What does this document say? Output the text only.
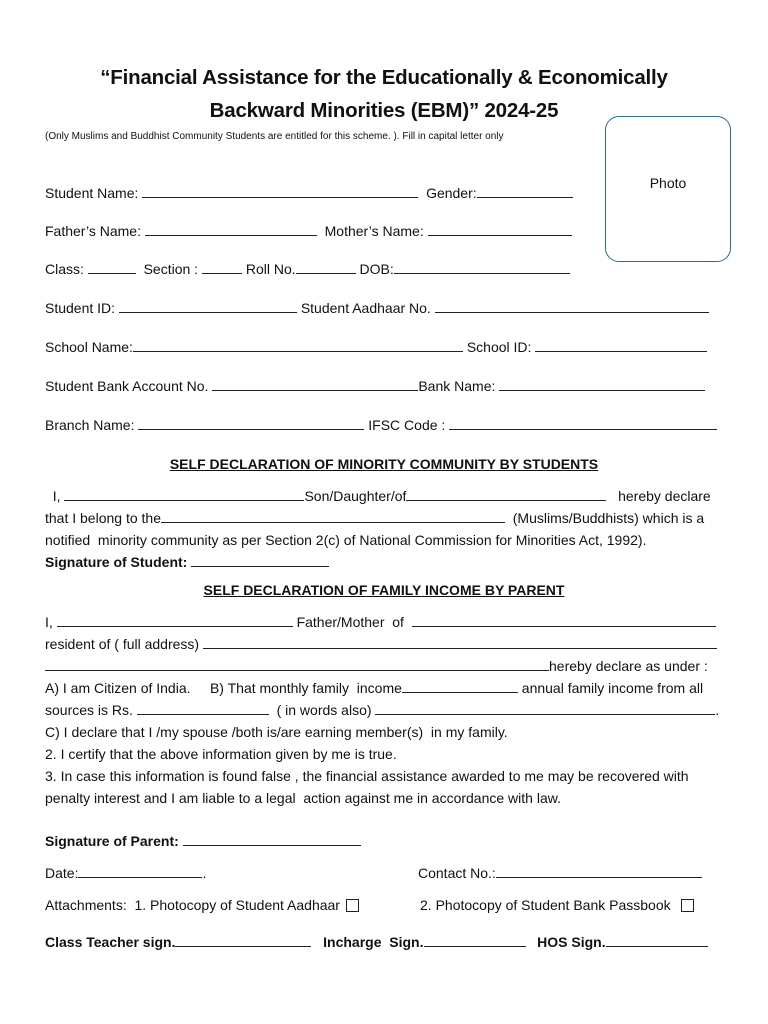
“Financial Assistance for the Educationally & Economically
Backward Minorities (EBM)” 2024-25
(Only Muslims and Buddhist Community Students are entitled for this scheme. ). Fill in capital letter only
Photo
Student Name:	Gender:
Father’s Name:	Mother’s Name:
Class:	Section :	Roll No.	DOB:
Student ID:	Student Aadhaar No.
School Name:	School ID:
Student Bank Account No.	Bank Name:
Branch Name:	IFSC Code :
SELF DECLARATION OF MINORITY COMMUNITY BY STUDENTS
I,	Son/Daughter/of	hereby declare
that I belong to the	(Muslims/Buddhists) which is a
notified  minority community as per Section 2(c) of National Commission for Minorities Act, 1992).
Signature of Student:
SELF DECLARATION OF FAMILY INCOME BY PARENT
I,	Father/Mother  of
resident of ( full address)
hereby declare as under :
A) I am Citizen of India. B) That monthly family  income	annual family income from all
sources is Rs.	( in words also)	.
C) I declare that I /my spouse /both is/are earning member(s)  in my family.
2. I certify that the above information given by me is true.
3. In case this information is found false , the financial assistance awarded to me may be recovered with
penalty interest and I am liable to a legal  action against me in accordance with law.
Signature of Parent:
Date:	.	Contact No.:
Attachments:  1. Photocopy of Student Aadhaar	2. Photocopy of Student Bank Passbook
Class Teacher sign.	Incharge  Sign.	HOS Sign.
